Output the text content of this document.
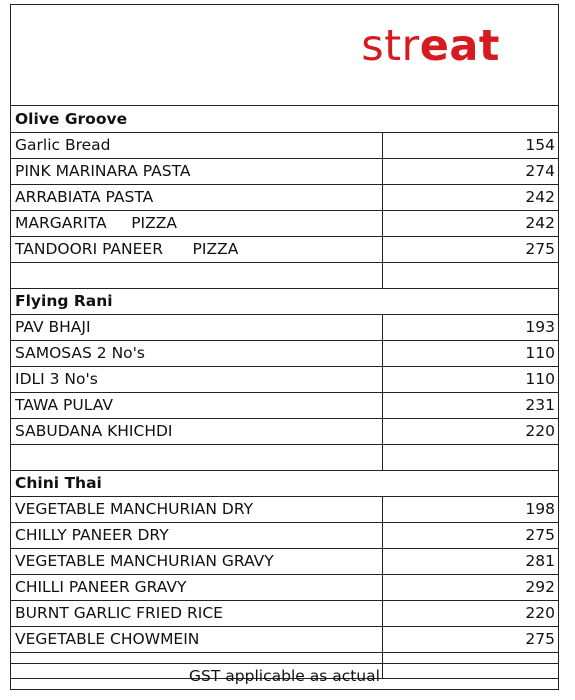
streat
Olive Groove	
Garlic Bread	154
PINK MARINARA PASTA	274
ARRABIATA PASTA	242
MARGARITA     PIZZA	242
TANDOORI PANEER      PIZZA	275

Flying Rani	
PAV BHAJI	193
SAMOSAS 2 No's	110
IDLI 3 No's	110
TAWA PULAV	231
SABUDANA KHICHDI	220

Chini Thai	
VEGETABLE MANCHURIAN DRY	198
CHILLY PANEER DRY	275
VEGETABLE MANCHURIAN GRAVY	281
CHILLI PANEER GRAVY	292
BURNT GARLIC FRIED RICE	220
VEGETABLE CHOWMEIN	275

GST applicable as actual
